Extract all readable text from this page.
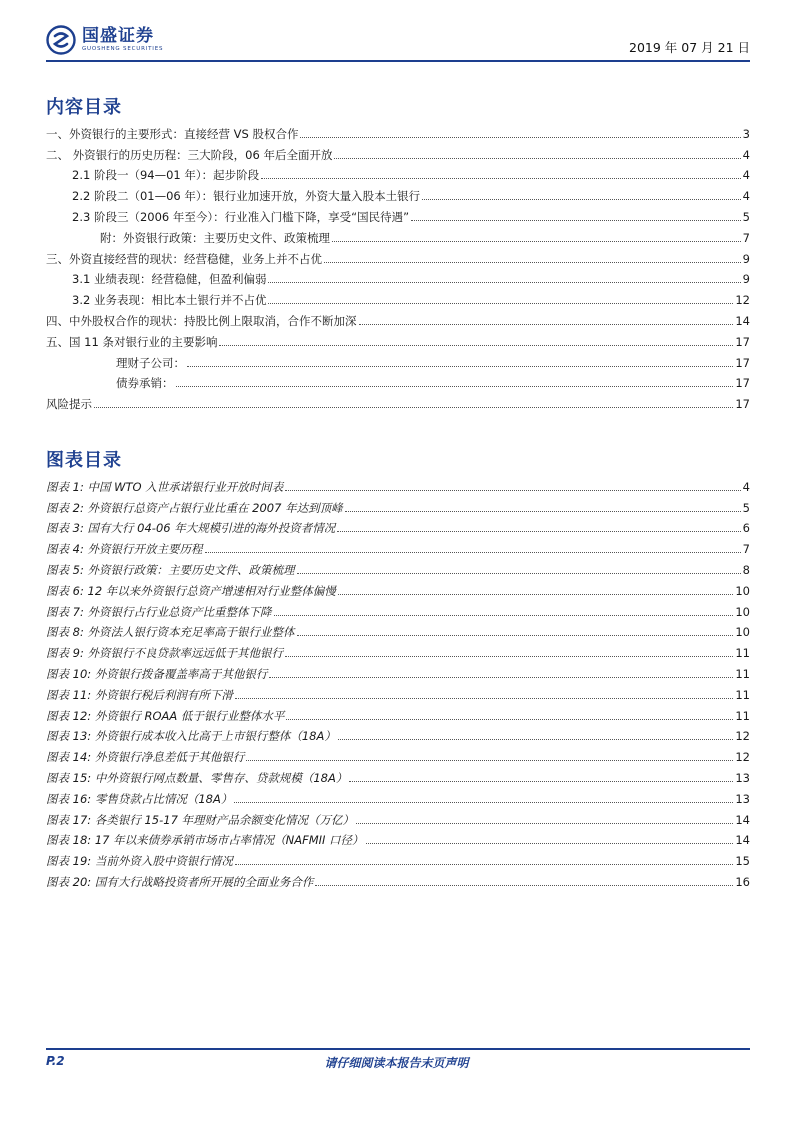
国盛证券
GUOSHENG SECURITIES	2019 年 07 月 21 日
内容目录
一、外资银行的主要形式：直接经营 VS 股权合作	3
二、 外资银行的历史历程：三大阶段，06 年后全面开放	4
2.1 阶段一（94—01 年）：起步阶段	4
2.2 阶段二（01—06 年）：银行业加速开放，外资大量入股本土银行	4
2.3 阶段三（2006 年至今）：行业准入门槛下降，享受“国民待遇”	5
附：外资银行政策：主要历史文件、政策梳理	7
三、外资直接经营的现状：经营稳健，业务上并不占优	9
3.1 业绩表现：经营稳健，但盈利偏弱	9
3.2 业务表现：相比本土银行并不占优	12
四、中外股权合作的现状：持股比例上限取消，合作不断加深	14
五、国 11 条对银行业的主要影响	17
理财子公司：	17
债券承销：	17
风险提示	17
图表目录
图表 1: 中国 WTO 入世承诺银行业开放时间表	4
图表 2: 外资银行总资产占银行业比重在 2007 年达到顶峰	5
图表 3: 国有大行 04-06 年大规模引进的海外投资者情况	6
图表 4: 外资银行开放主要历程	7
图表 5: 外资银行政策：主要历史文件、政策梳理	8
图表 6: 12 年以来外资银行总资产增速相对行业整体偏慢	10
图表 7: 外资银行占行业总资产比重整体下降	10
图表 8: 外资法人银行资本充足率高于银行业整体	10
图表 9: 外资银行不良贷款率远远低于其他银行	11
图表 10: 外资银行拨备覆盖率高于其他银行	11
图表 11: 外资银行税后利润有所下滑	11
图表 12: 外资银行 ROAA 低于银行业整体水平	11
图表 13: 外资银行成本收入比高于上市银行整体（18A）	12
图表 14: 外资银行净息差低于其他银行	12
图表 15: 中外资银行网点数量、零售存、贷款规模（18A）	13
图表 16: 零售贷款占比情况（18A）	13
图表 17: 各类银行 15-17 年理财产品余额变化情况（万亿）	14
图表 18: 17 年以来债券承销市场市占率情况（NAFMII 口径）	14
图表 19: 当前外资入股中资银行情况	15
图表 20: 国有大行战略投资者所开展的全面业务合作	16
P.2	请仔细阅读本报告末页声明
